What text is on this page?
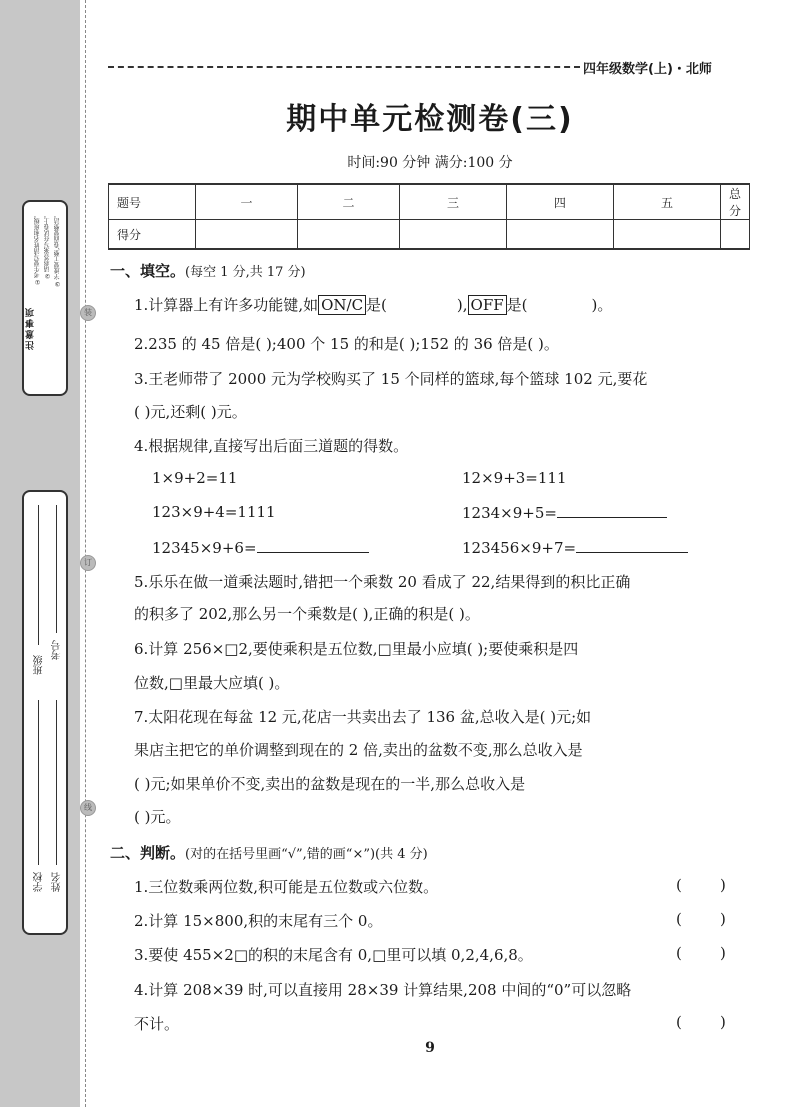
注意事项
①考生要写清姓名和班级。 ②请将答案写在试卷上。 ③字迹要工整,卷面要整洁。
班级
考号
学校 姓名
装
订
线
四年级数学(上)・北师
期中单元检测卷(三)
时间:90 分钟 满分:100 分
题号	一	二	三	四	五	总分
得分						
一、填空。(每空 1 分,共 17 分)
1.计算器上有许多功能键,如 ON/C 是(	), OFF 是(	)。
2.235 的 45 倍是( );400 个 15 的和是( );152 的 36 倍是( )。
3.王老师带了 2000 元为学校购买了 15 个同样的篮球,每个篮球 102 元,要花
( )元,还剩( )元。
4.根据规律,直接写出后面三道题的得数。
1×9+2=11	12×9+3=111
123×9+4=1111	1234×9+5=
12345×9+6=	123456×9+7=
5.乐乐在做一道乘法题时,错把一个乘数 20 看成了 22,结果得到的积比正确
的积多了 202,那么另一个乘数是( ),正确的积是( )。
6.计算 256×□2,要使乘积是五位数,□里最小应填( );要使乘积是四
位数,□里最大应填( )。
7.太阳花现在每盆 12 元,花店一共卖出去了 136 盆,总收入是( )元;如
果店主把它的单价调整到现在的 2 倍,卖出的盆数不变,那么总收入是
( )元;如果单价不变,卖出的盆数是现在的一半,那么总收入是
( )元。
二、判断。(对的在括号里画“√”,错的画“×”)(共 4 分)
1.三位数乘两位数,积可能是五位数或六位数。	(        )
2.计算 15×800,积的末尾有三个 0。	(        )
3.要使 455×2□的积的末尾含有 0,□里可以填 0,2,4,6,8。	(        )
4.计算 208×39 时,可以直接用 28×39 计算结果,208 中间的“0”可以忽略
不计。	(        )
9
